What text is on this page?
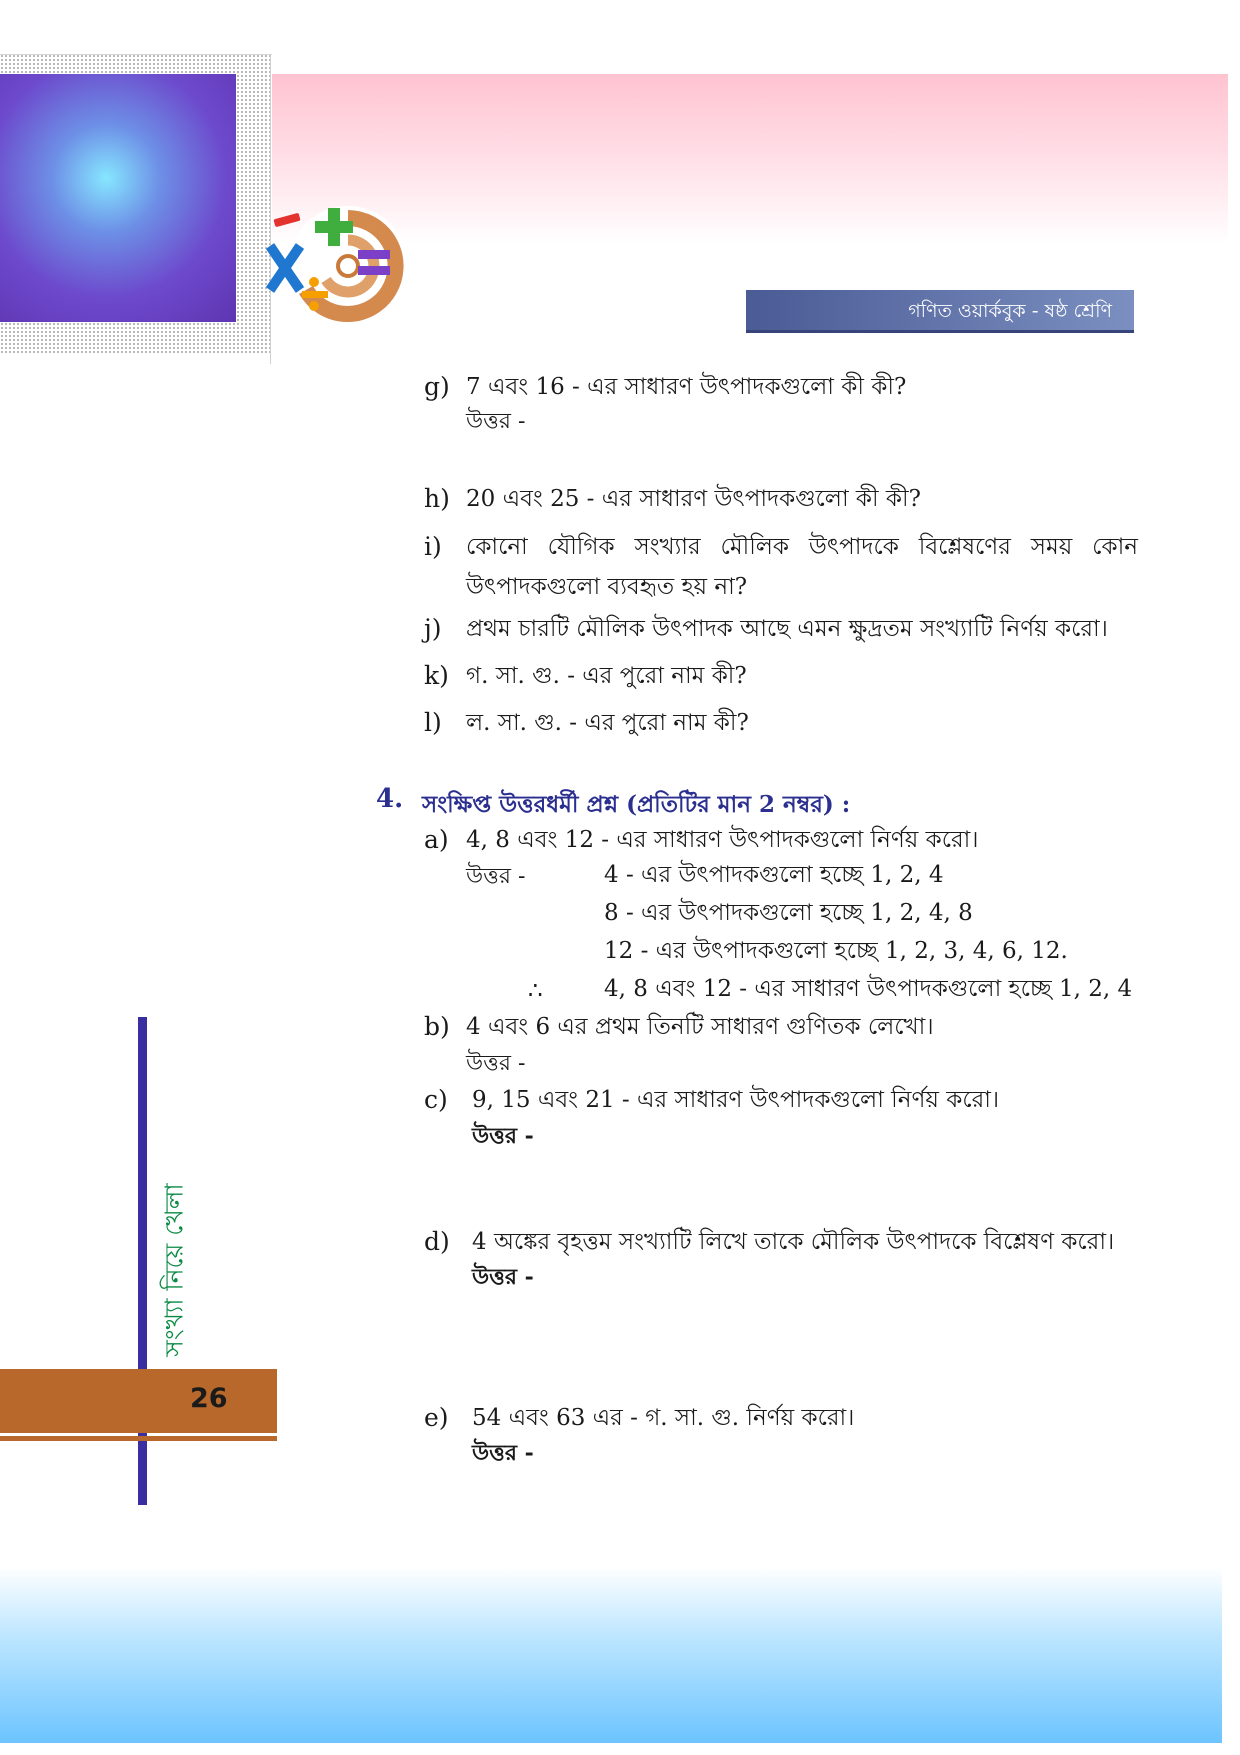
গণিত ওয়ার্কবুক - ষষ্ঠ শ্রেণি
সংখ্যা নিয়ে খেলা
26
g) 7 এবং 16 - এর সাধারণ উৎপাদকগুলো কী কী?
উত্তর -
h) 20 এবং 25 - এর সাধারণ উৎপাদকগুলো কী কী?
i) কোনো যৌগিক সংখ্যার মৌলিক উৎপাদকে বিশ্লেষণের সময় কোন উৎপাদকগুলো ব্যবহৃত হয় না?
j) প্রথম চারটি মৌলিক উৎপাদক আছে এমন ক্ষুদ্রতম সংখ্যাটি নির্ণয় করো।
k) গ. সা. গু. - এর পুরো নাম কী?
l) ল. সা. গু. - এর পুরো নাম কী?
4. সংক্ষিপ্ত উত্তরধর্মী প্রশ্ন (প্রতিটির মান 2 নম্বর) :
a) 4, 8 এবং 12 - এর সাধারণ উৎপাদকগুলো নির্ণয় করো।
উত্তর -	4 - এর উৎপাদকগুলো হচ্ছে 1, 2, 4
8 - এর উৎপাদকগুলো হচ্ছে 1, 2, 4, 8
12 - এর উৎপাদকগুলো হচ্ছে 1, 2, 3, 4, 6, 12.
∴	4, 8 এবং 12 - এর সাধারণ উৎপাদকগুলো হচ্ছে 1, 2, 4
b) 4 এবং 6 এর প্রথম তিনটি সাধারণ গুণিতক লেখো।
উত্তর -
c) 9, 15 এবং 21 - এর সাধারণ উৎপাদকগুলো নির্ণয় করো।
উত্তর -
d) 4 অঙ্কের বৃহত্তম সংখ্যাটি লিখে তাকে মৌলিক উৎপাদকে বিশ্লেষণ করো।
উত্তর -
e) 54 এবং 63 এর - গ. সা. গু. নির্ণয় করো।
উত্তর -
